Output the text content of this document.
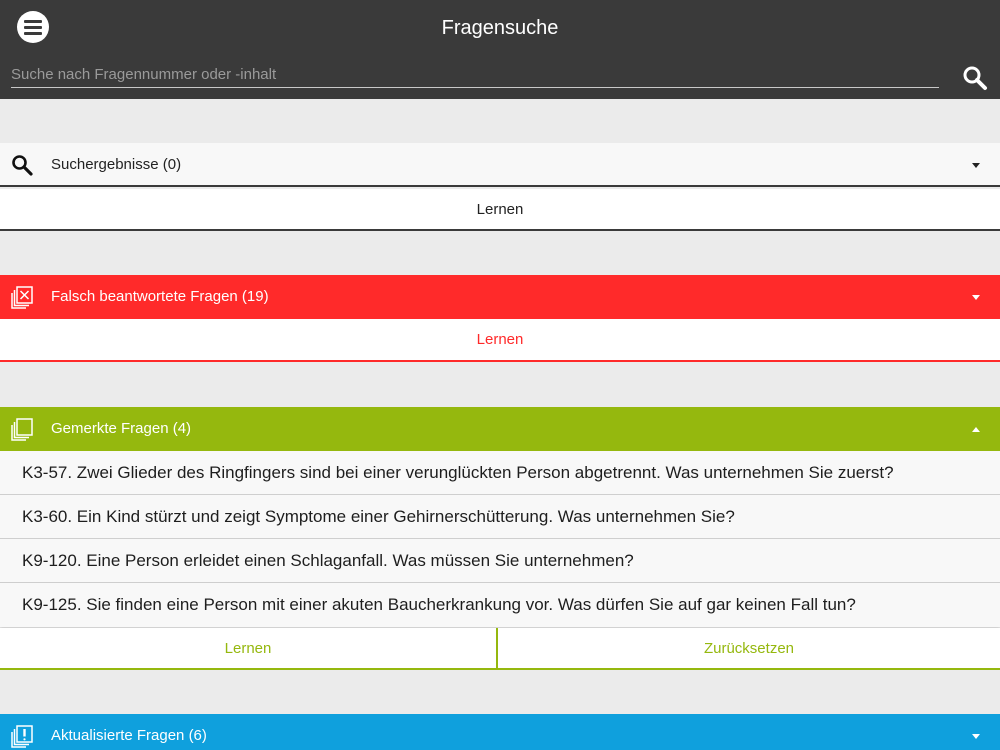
Fragensuche
Suche nach Fragennummer oder -inhalt
Suchergebnisse (0)
Lernen
Falsch beantwortete Fragen (19)
Lernen
Gemerkte Fragen (4)
K3-57. Zwei Glieder des Ringfingers sind bei einer verunglückten Person abgetrennt. Was unternehmen Sie zuerst?
K3-60. Ein Kind stürzt und zeigt Symptome einer Gehirnerschütterung. Was unternehmen Sie?
K9-120. Eine Person erleidet einen Schlaganfall. Was müssen Sie unternehmen?
K9-125. Sie finden eine Person mit einer akuten Baucherkrankung vor. Was dürfen Sie auf gar keinen Fall tun?
Lernen	Zurücksetzen
Aktualisierte Fragen (6)
